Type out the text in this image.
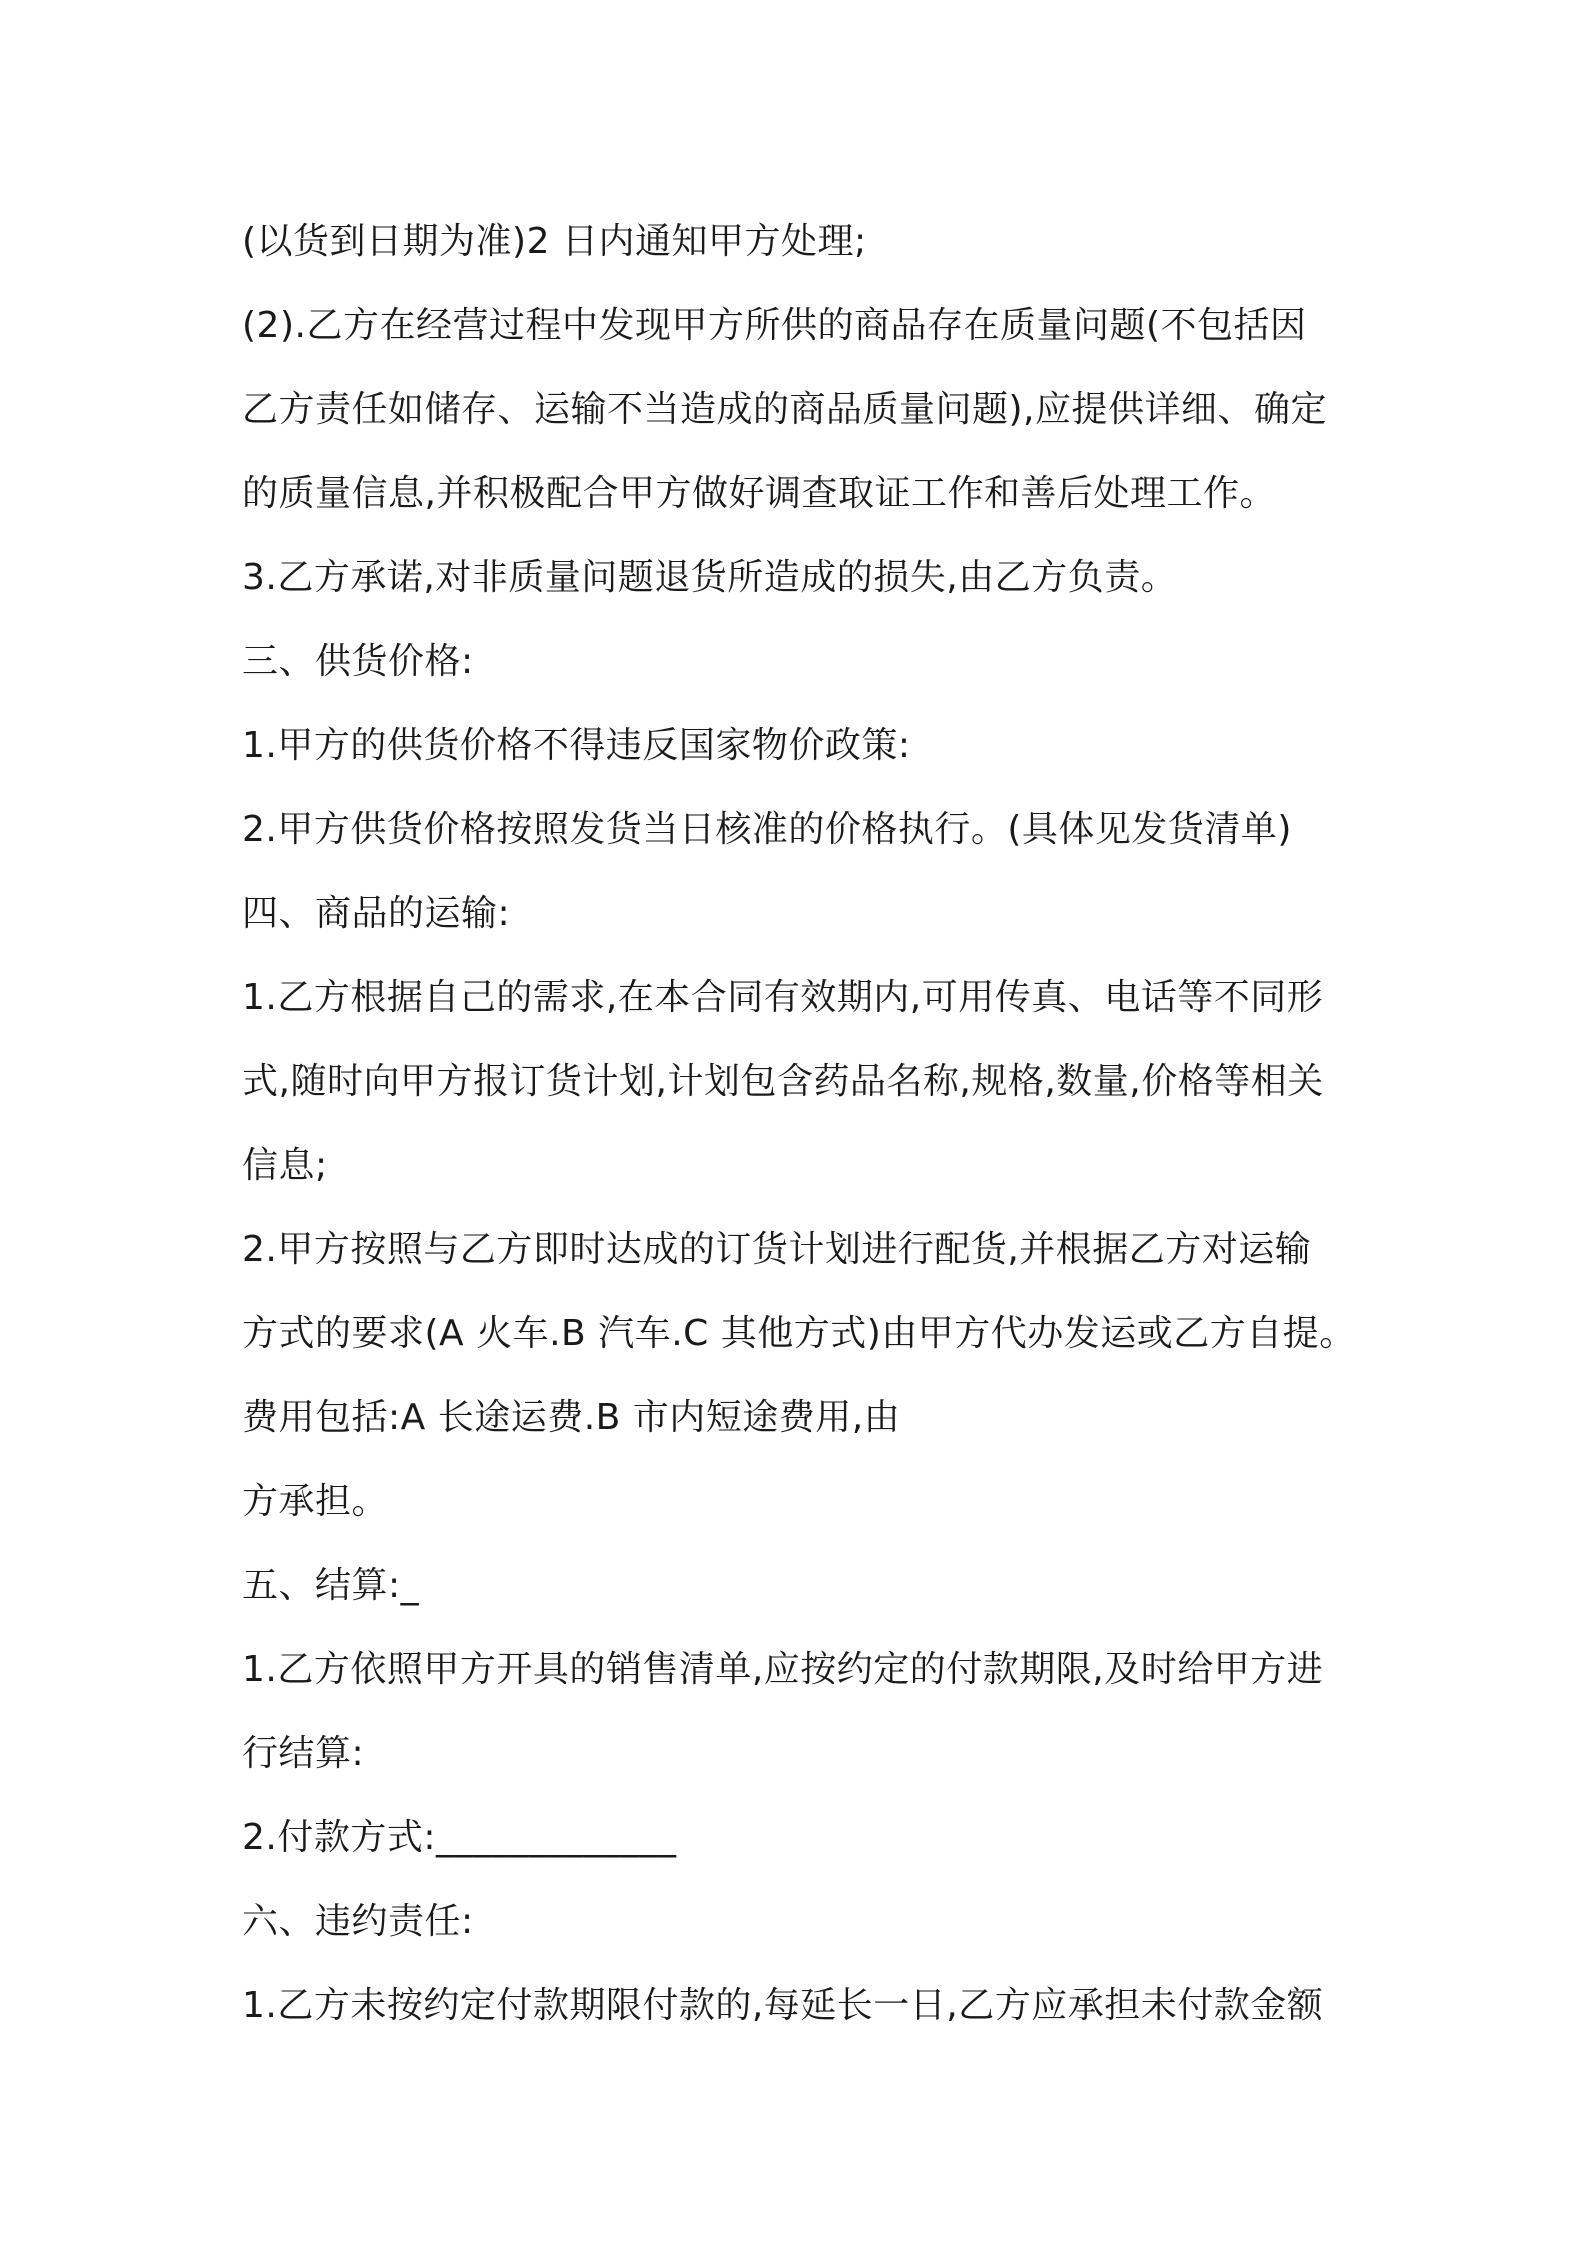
(以货到日期为准)2 日内通知甲方处理;
(2).乙方在经营过程中发现甲方所供的商品存在质量问题(不包括因
乙方责任如储存、运输不当造成的商品质量问题),应提供详细、确定
的质量信息,并积极配合甲方做好调查取证工作和善后处理工作。
3.乙方承诺,对非质量问题退货所造成的损失,由乙方负责。
三、供货价格:
1.甲方的供货价格不得违反国家物价政策:
2.甲方供货价格按照发货当日核准的价格执行。(具体见发货清单)
四、商品的运输:
1.乙方根据自己的需求,在本合同有效期内,可用传真、电话等不同形
式,随时向甲方报订货计划,计划包含药品名称,规格,数量,价格等相关
信息;
2.甲方按照与乙方即时达成的订货计划进行配货,并根据乙方对运输
方式的要求(A 火车.B 汽车.C 其他方式)由甲方代办发运或乙方自提。
费用包括:A 长途运费.B 市内短途费用,由
方承担。
五、结算:_
1.乙方依照甲方开具的销售清单,应按约定的付款期限,及时给甲方进
行结算:
2.付款方式:_____________
六、违约责任:
1.乙方未按约定付款期限付款的,每延长一日,乙方应承担未付款金额
